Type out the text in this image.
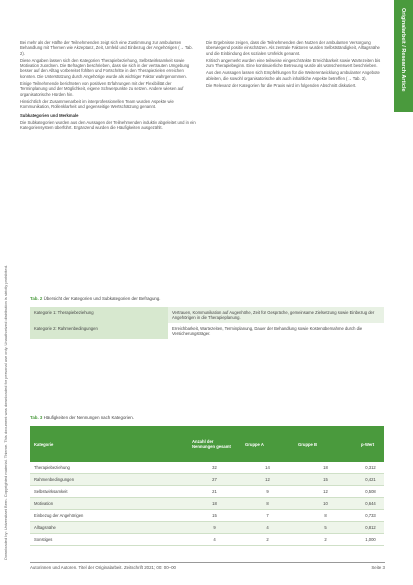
Downloaded by: Universitaet Bern. Copyrighted material. Thieme. This document was downloaded for personal use only. Unauthorized distribution is strictly prohibited.
Originalarbeit / Research Article

Bei mehr als der Hälfte der Teilnehmenden zeigt sich eine Zustimmung zur ambulanten Behandlung mit Themen wie Akzeptanz, Zeit, Umfeld und Einbezug der Angehörigen (→ Tab. 2).

Diese Angaben lassen sich den Kategorien Therapiebeziehung, Selbstwirksamkeit sowie Motivation zuordnen. Die Befragten beschrieben, dass sie sich in der vertrauten Umgebung besser auf den Alltag vorbereitet fühlten und Fortschritte in den Therapiezielen erreichen konnten. Die Unterstützung durch Angehörige wurde als wichtiger Faktor wahrgenommen.

Einige Teilnehmende berichteten von positiven Erfahrungen mit der Flexibilität der Terminplanung und der Möglichkeit, eigene Schwerpunkte zu setzen. Andere wiesen auf organisatorische Hürden hin.

Hinsichtlich der Zusammenarbeit im interprofessionellen Team wurden Aspekte wie Kommunikation, Rollenklarheit und gegenseitige Wertschätzung genannt.

Subkategorien und Merkmale

Die Subkategorien wurden aus den Aussagen der Teilnehmenden induktiv abgeleitet und in ein Kategoriensystem überführt. Ergänzend wurden die Häufigkeiten ausgezählt.

Die Ergebnisse zeigen, dass die Teilnehmenden den Nutzen der ambulanten Versorgung überwiegend positiv einschätzen. Als zentrale Faktoren wurden Selbstständigkeit, Alltagsnähe und die Einbindung des sozialen Umfelds genannt.

Kritisch angemerkt wurden eine teilweise eingeschränkte Erreichbarkeit sowie Wartezeiten bis zum Therapiebeginn. Eine kontinuierliche Betreuung wurde als wünschenswert beschrieben.

Aus den Aussagen lassen sich Empfehlungen für die Weiterentwicklung ambulanter Angebote ableiten, die sowohl organisatorische als auch inhaltliche Aspekte betreffen (→ Tab. 3).

Die Relevanz der Kategorien für die Praxis wird im folgenden Abschnitt diskutiert.

Tab. 2 Übersicht der Kategorien und Subkategorien der Befragung.
Kategorie 1: Therapiebeziehung	Vertrauen, Kommunikation auf Augenhöhe, Zeit für Gespräche, gemeinsame Zielsetzung sowie Einbezug der Angehörigen in die Therapieplanung.
Kategorie 2: Rahmenbedingungen	Erreichbarkeit, Wartezeiten, Terminplanung, Dauer der Behandlung sowie Kostenübernahme durch die Versicherungsträger.
Tab. 3 Häufigkeiten der Nennungen nach Kategorien.
Kategorie	Anzahl der Nennungen gesamt	Gruppe A	Gruppe B	p-Wert
Therapiebeziehung	32	14	18	0,312
Rahmenbedingungen	27	12	15	0,421
Selbstwirksamkeit	21	9	12	0,508
Motivation	18	8	10	0,644
Einbezug der Angehörigen	15	7	8	0,733
Alltagsnähe	9	4	5	0,812
Sonstiges	4	2	2	1,000
Autorinnen und Autoren. Titel der Originalarbeit. Zeitschrift 2021; 00: 00–00	Seite 3
